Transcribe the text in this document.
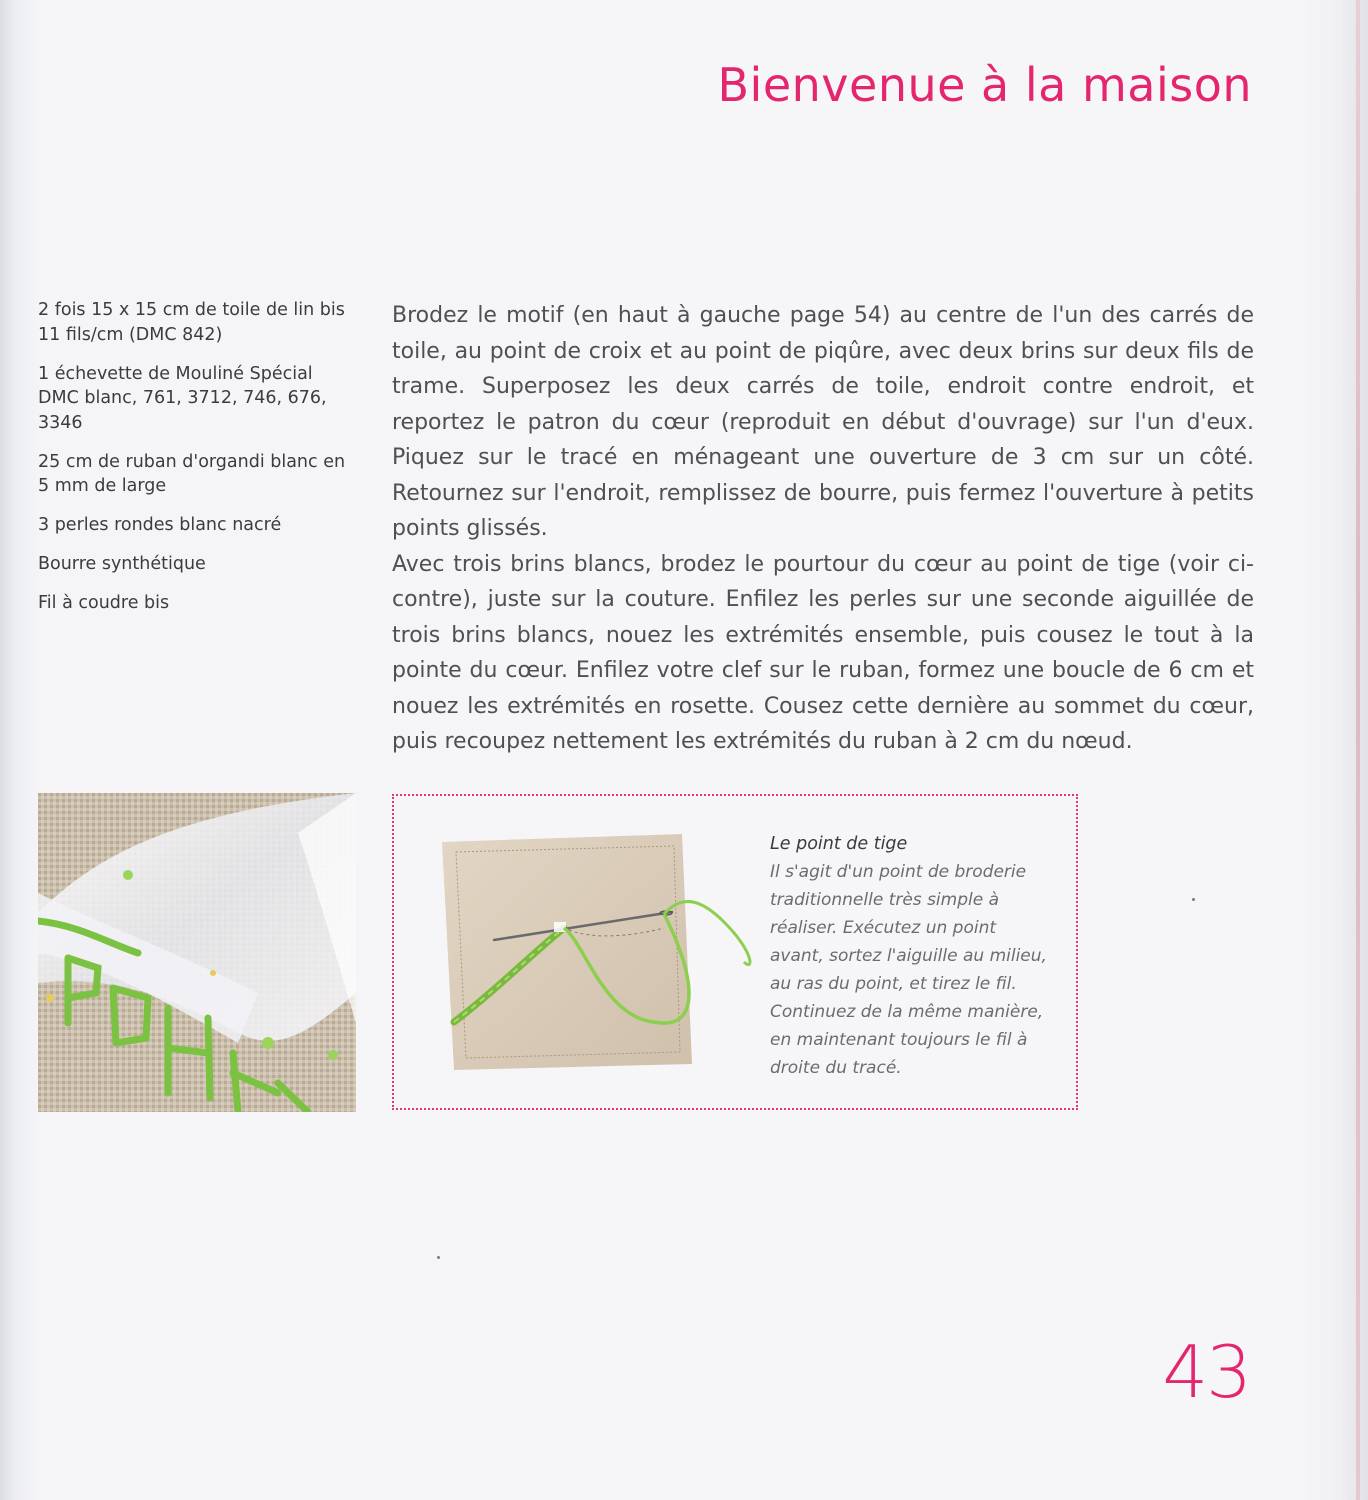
Bienvenue à la maison
2 fois 15 x 15 cm de toile de lin bis 11 fils/cm (DMC 842)
1 échevette de Mouliné Spécial DMC blanc, 761, 3712, 746, 676, 3346
25 cm de ruban d'organdi blanc en 5 mm de large
3 perles rondes blanc nacré
Bourre synthétique
Fil à coudre bis

Brodez le motif (en haut à gauche page 54) au centre de l'un des carrés de toile, au point de croix et au point de piqûre, avec deux brins sur deux fils de trame. Superposez les deux carrés de toile, endroit contre endroit, et reportez le patron du cœur (reproduit en début d'ouvrage) sur l'un d'eux. Piquez sur le tracé en ménageant une ouverture de 3 cm sur un côté. Retournez sur l'endroit, remplissez de bourre, puis fermez l'ouverture à petits points glissés.

Avec trois brins blancs, brodez le pourtour du cœur au point de tige (voir ci-contre), juste sur la couture. Enfilez les perles sur une seconde aiguillée de trois brins blancs, nouez les extrémités ensemble, puis cousez le tout à la pointe du cœur. Enfilez votre clef sur le ruban, formez une boucle de 6 cm et nouez les extrémités en rosette. Cousez cette dernière au sommet du cœur, puis recoupez nettement les extrémités du ruban à 2 cm du nœud.

Le point de tige

Il s'agit d'un point de broderie traditionnelle très simple à réaliser. Exécutez un point avant, sortez l'aiguille au milieu, au ras du point, et tirez le fil. Continuez de la même manière, en maintenant toujours le fil à droite du tracé.

43
